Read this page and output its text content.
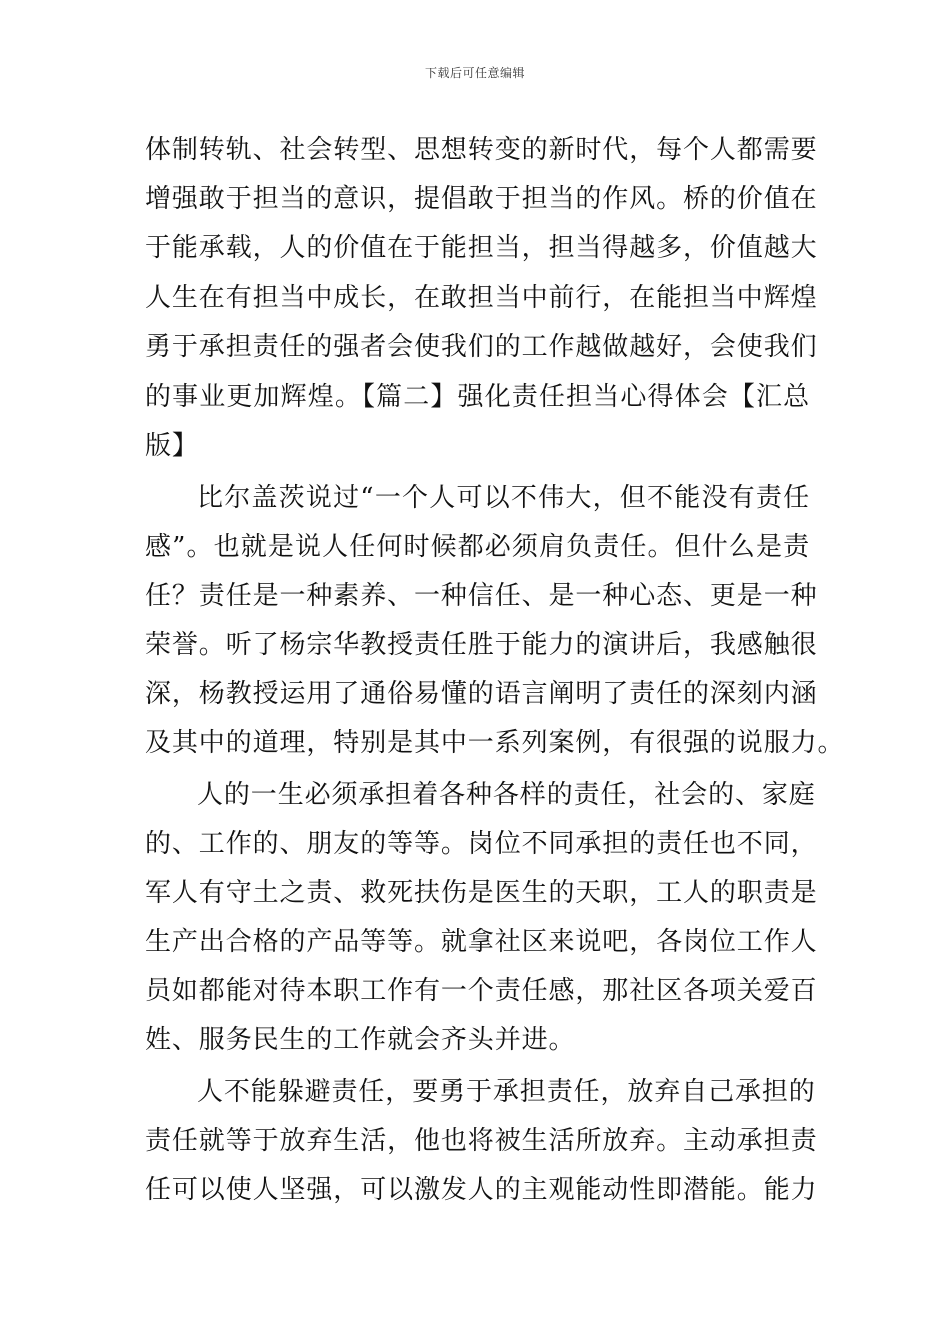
下载后可任意编辑
体制转轨、社会转型、思想转变的新时代，每个人都需要
增强敢于担当的意识，提倡敢于担当的作风。桥的价值在
于能承载，人的价值在于能担当，担当得越多，价值越大
人生在有担当中成长，在敢担当中前行，在能担当中辉煌
勇于承担责任的强者会使我们的工作越做越好，会使我们
的事业更加辉煌。【篇二】强化责任担当心得体会【汇总
版】
比尔盖茨说过“一个人可以不伟大，但不能没有责任
感”。也就是说人任何时候都必须肩负责任。但什么是责
任？责任是一种素养、一种信任、是一种心态、更是一种
荣誉。听了杨宗华教授责任胜于能力的演讲后，我感触很
深，杨教授运用了通俗易懂的语言阐明了责任的深刻内涵
及其中的道理，特别是其中一系列案例，有很强的说服力。
人的一生必须承担着各种各样的责任，社会的、家庭
的、工作的、朋友的等等。岗位不同承担的责任也不同，
军人有守土之责、救死扶伤是医生的天职，工人的职责是
生产出合格的产品等等。就拿社区来说吧，各岗位工作人
员如都能对待本职工作有一个责任感，那社区各项关爱百
姓、服务民生的工作就会齐头并进。
人不能躲避责任，要勇于承担责任，放弃自己承担的
责任就等于放弃生活，他也将被生活所放弃。主动承担责
任可以使人坚强，可以激发人的主观能动性即潜能。能力
